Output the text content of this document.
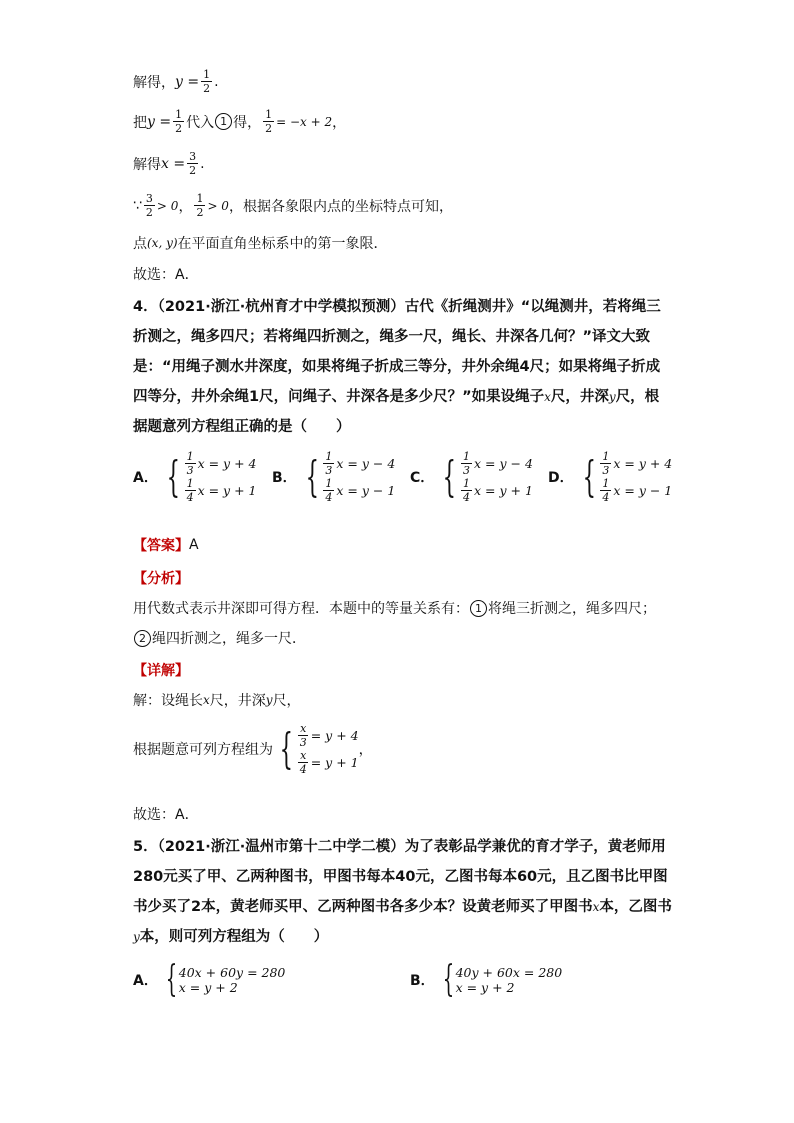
解得， $y = \frac{1}{2}$ .
把 $y = \frac{1}{2}$ 代入 1 得， $\frac{1}{2} = -x + 2$ ，
解得 $x = \frac{3}{2}$ .
∵ $\frac{3}{2} > 0$ ， $\frac{1}{2} > 0$ ，根据各象限内点的坐标特点可知，
点 (x, y) 在平面直角坐标系中的第一象限．
故选：A．
4．（2021·浙江·杭州育才中学模拟预测）古代《折绳测井》“以绳测井，若将绳三折测之，绳多四尺；若将绳四折测之，绳多一尺，绳长、井深各几何？”译文大致是：“用绳子测水井深度，如果将绳子折成三等分，井外余绳4尺；如果将绳子折成四等分，井外余绳1尺，问绳子、井深各是多少尺？”如果设绳子x尺，井深y尺，根据题意列方程组正确的是（　　）
A． { $\frac{1}{3}$ x = y + 4
$\frac{1}{4}$ x = y + 1
B． { $\frac{1}{3}$ x = y − 4
$\frac{1}{4}$ x = y − 1
C． { $\frac{1}{3}$ x = y − 4
$\frac{1}{4}$ x = y + 1
D． { $\frac{1}{3}$ x = y + 4
$\frac{1}{4}$ x = y − 1
【答案】 A
【分析】
用代数式表示井深即可得方程．本题中的等量关系有： 1 将绳三折测之，绳多四尺；
2 绳四折测之，绳多一尺．
【详解】
解：设绳长 x 尺，井深 y 尺，
根据题意可列方程组为 { $\frac{x}{3} = y + 4$
$\frac{x}{4} = y + 1$
，
故选：A．
5．（2021·浙江·温州市第十二中学二模）为了表彰品学兼优的育才学子，黄老师用280元买了甲、乙两种图书，甲图书每本40元，乙图书每本60元，且乙图书比甲图书少买了2本，黄老师买甲、乙两种图书各多少本？设黄老师买了甲图书x本，乙图书y本，则可列方程组为（　　）
A． { 40x + 60y = 280
x = y + 2	B． { 40y + 60x = 280
x = y + 2
